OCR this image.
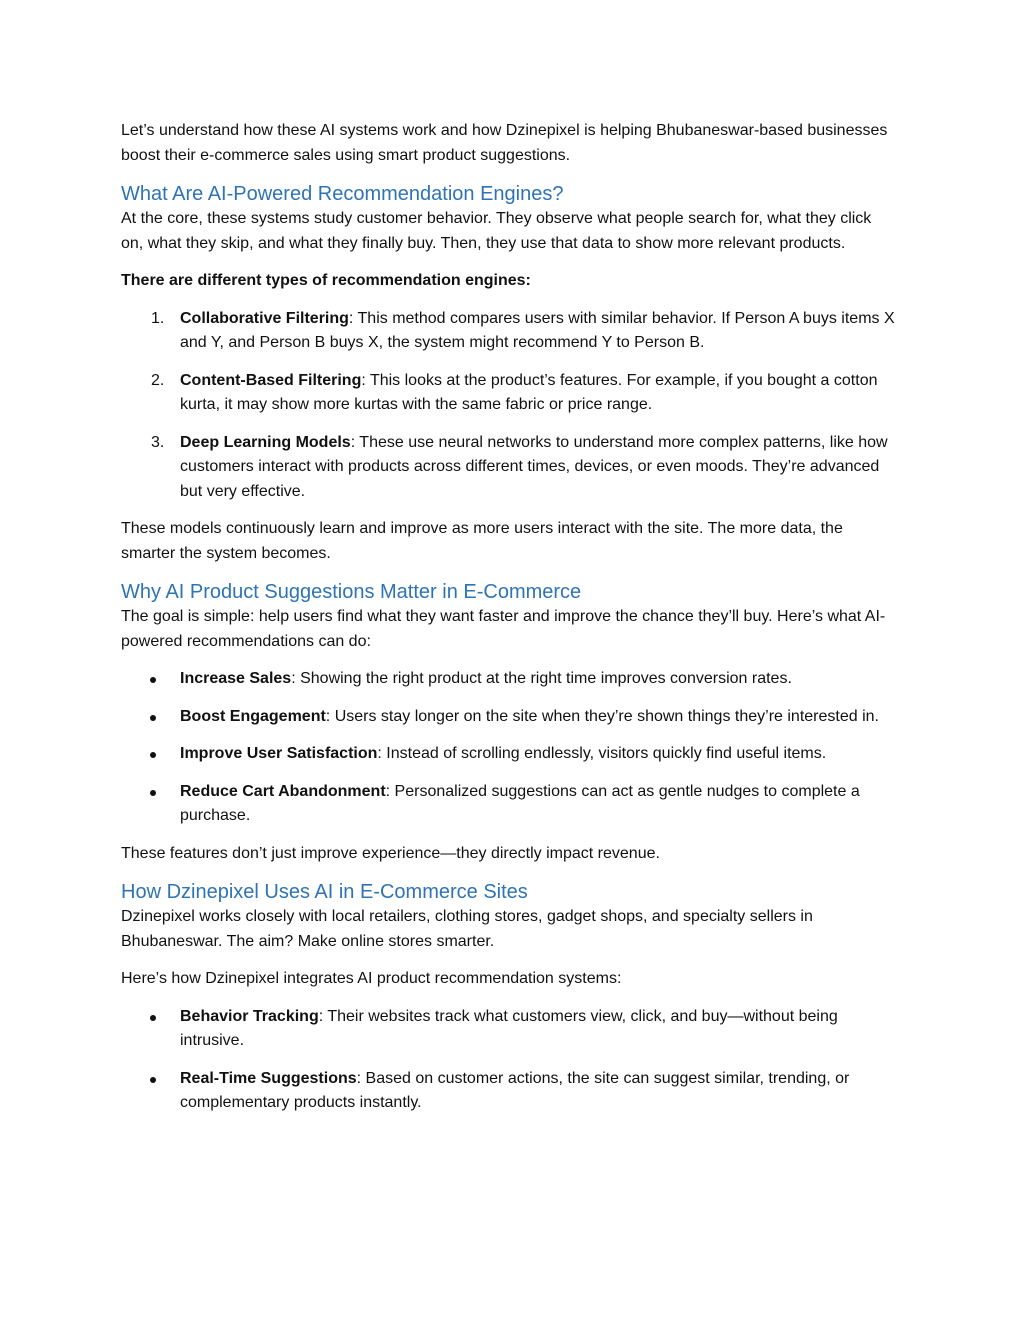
Let’s understand how these AI systems work and how Dzinepixel is helping Bhubaneswar-based businesses boost their e-commerce sales using smart product suggestions.

What Are AI-Powered Recommendation Engines?

At the core, these systems study customer behavior. They observe what people search for, what they click on, what they skip, and what they finally buy. Then, they use that data to show more relevant products.

There are different types of recommendation engines:

1. Collaborative Filtering: This method compares users with similar behavior. If Person A buys items X and Y, and Person B buys X, the system might recommend Y to Person B.
2. Content-Based Filtering: This looks at the product’s features. For example, if you bought a cotton kurta, it may show more kurtas with the same fabric or price range.
3. Deep Learning Models: These use neural networks to understand more complex patterns, like how customers interact with products across different times, devices, or even moods. They’re advanced but very effective.

These models continuously learn and improve as more users interact with the site. The more data, the smarter the system becomes.

Why AI Product Suggestions Matter in E-Commerce

The goal is simple: help users find what they want faster and improve the chance they’ll buy. Here’s what AI-powered recommendations can do:

Increase Sales: Showing the right product at the right time improves conversion rates.
Boost Engagement: Users stay longer on the site when they’re shown things they’re interested in.
Improve User Satisfaction: Instead of scrolling endlessly, visitors quickly find useful items.
Reduce Cart Abandonment: Personalized suggestions can act as gentle nudges to complete a purchase.

These features don’t just improve experience—they directly impact revenue.

How Dzinepixel Uses AI in E-Commerce Sites

Dzinepixel works closely with local retailers, clothing stores, gadget shops, and specialty sellers in Bhubaneswar. The aim? Make online stores smarter.

Here’s how Dzinepixel integrates AI product recommendation systems:

Behavior Tracking: Their websites track what customers view, click, and buy—without being intrusive.
Real-Time Suggestions: Based on customer actions, the site can suggest similar, trending, or complementary products instantly.
